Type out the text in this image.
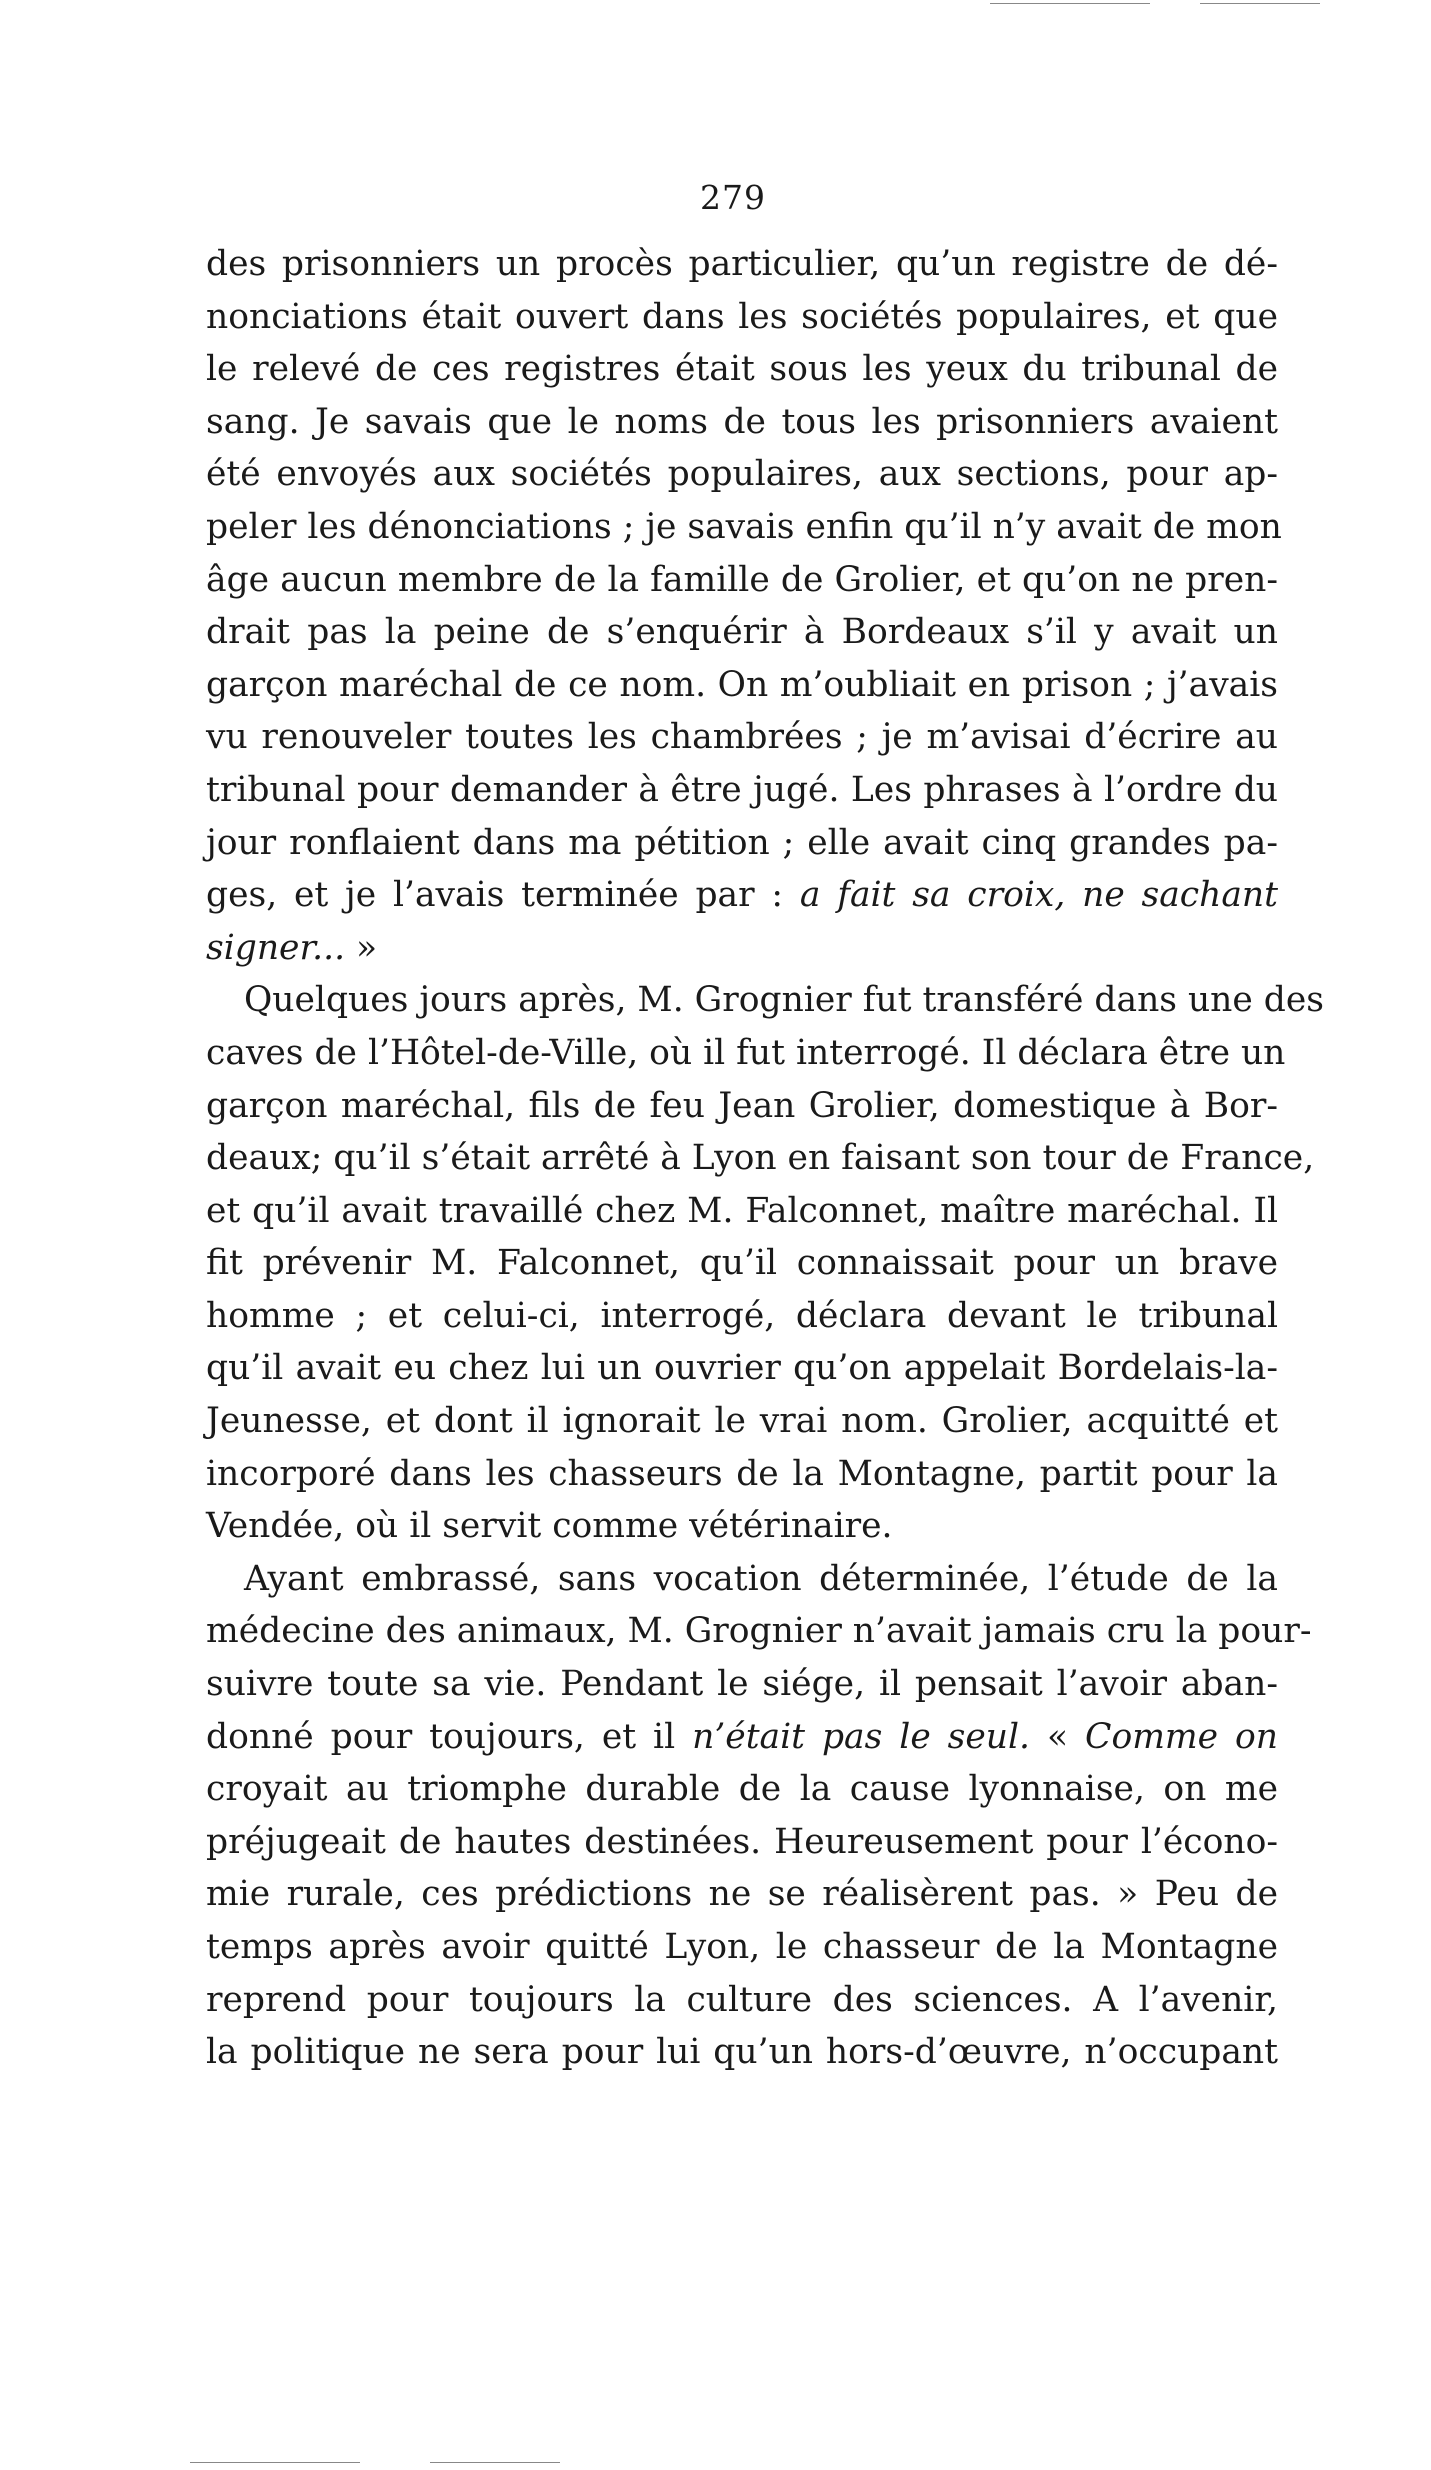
279
des prisonniers un procès particulier, qu’un registre de dé-
nonciations était ouvert dans les sociétés populaires, et que
le relevé de ces registres était sous les yeux du tribunal de
sang. Je savais que le noms de tous les prisonniers avaient
été envoyés aux sociétés populaires, aux sections, pour ap-
peler les dénonciations ; je savais enfin qu’il n’y avait de mon
âge aucun membre de la famille de Grolier, et qu’on ne pren-
drait pas la peine de s’enquérir à Bordeaux s’il y avait un
garçon maréchal de ce nom. On m’oubliait en prison ; j’avais
vu renouveler toutes les chambrées ; je m’avisai d’écrire au
tribunal pour demander à être jugé. Les phrases à l’ordre du
jour ronflaient dans ma pétition ; elle avait cinq grandes pa-
ges, et je l’avais terminée par : a fait sa croix, ne sachant
signer... »
Quelques jours après, M. Grognier fut transféré dans une des
caves de l’Hôtel-de-Ville, où il fut interrogé. Il déclara être un
garçon maréchal, fils de feu Jean Grolier, domestique à Bor-
deaux; qu’il s’était arrêté à Lyon en faisant son tour de France,
et qu’il avait travaillé chez M. Falconnet, maître maréchal. Il
fit prévenir M. Falconnet, qu’il connaissait pour un brave
homme ; et celui-ci, interrogé, déclara devant le tribunal
qu’il avait eu chez lui un ouvrier qu’on appelait Bordelais-la-
Jeunesse, et dont il ignorait le vrai nom. Grolier, acquitté et
incorporé dans les chasseurs de la Montagne, partit pour la
Vendée, où il servit comme vétérinaire.
Ayant embrassé, sans vocation déterminée, l’étude de la
médecine des animaux, M. Grognier n’avait jamais cru la pour-
suivre toute sa vie. Pendant le siége, il pensait l’avoir aban-
donné pour toujours, et il n’était pas le seul. « Comme on
croyait au triomphe durable de la cause lyonnaise, on me
préjugeait de hautes destinées. Heureusement pour l’écono-
mie rurale, ces prédictions ne se réalisèrent pas. » Peu de
temps après avoir quitté Lyon, le chasseur de la Montagne
reprend pour toujours la culture des sciences. A l’avenir,
la politique ne sera pour lui qu’un hors-d’œuvre, n’occupant
